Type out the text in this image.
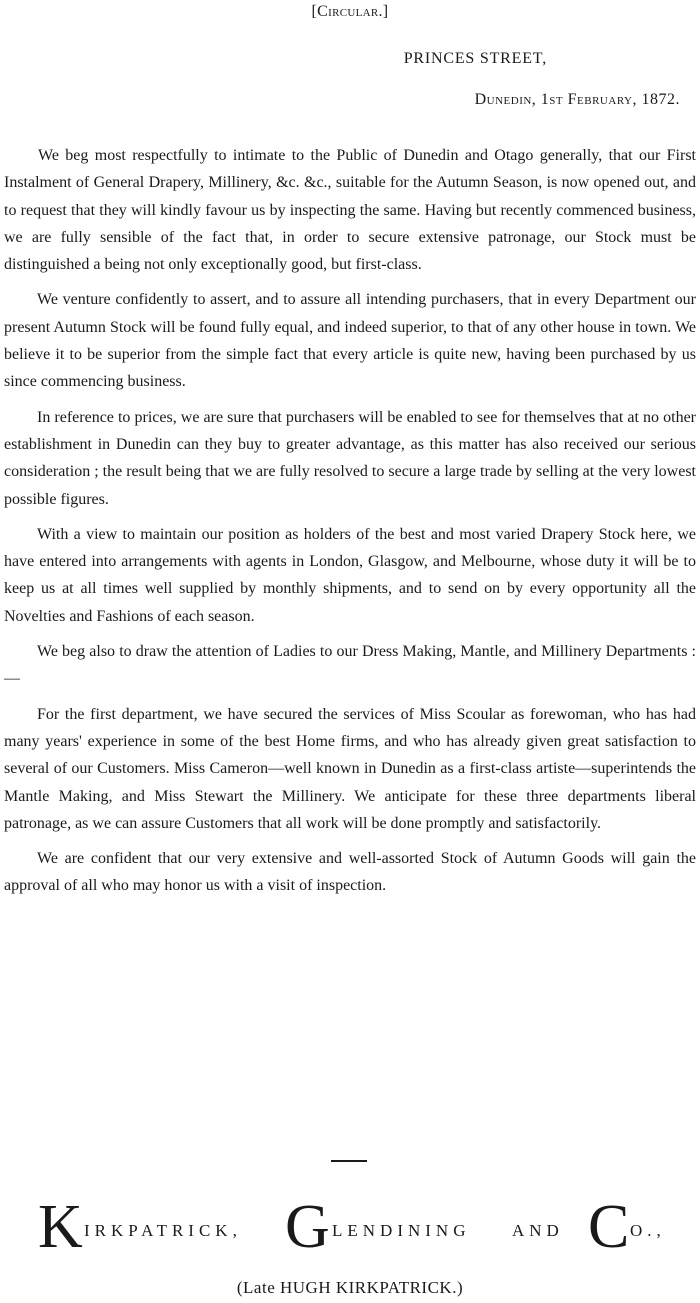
[Circular.]
PRINCES STREET,
Dunedin, 1st February, 1872.

We beg most respectfully to intimate to the Public of Dunedin and Otago generally, that our First Instalment of General Drapery, Millinery, &c. &c., suitable for the Autumn Season, is now opened out, and to request that they will kindly favour us by inspecting the same. Having but recently commenced business, we are fully sensible of the fact that, in order to secure extensive patronage, our Stock must be distinguished a being not only exceptionally good, but first-class.

We venture confidently to assert, and to assure all intending purchasers, that in every Department our present Autumn Stock will be found fully equal, and indeed superior, to that of any other house in town. We believe it to be superior from the simple fact that every article is quite new, having been purchased by us since commencing business.

In reference to prices, we are sure that purchasers will be enabled to see for themselves that at no other establishment in Dunedin can they buy to greater advantage, as this matter has also received our serious consideration ; the result being that we are fully resolved to secure a large trade by selling at the very lowest possible figures.

With a view to maintain our position as holders of the best and most varied Drapery Stock here, we have entered into arrangements with agents in London, Glasgow, and Melbourne, whose duty it will be to keep us at all times well supplied by monthly shipments, and to send on by every opportunity all the Novelties and Fashions of each season.

We beg also to draw the attention of Ladies to our Dress Making, Mantle, and Millinery Departments :—

For the first department, we have secured the services of Miss Scoular as forewoman, who has had many years' experience in some of the best Home firms, and who has already given great satisfaction to several of our Customers. Miss Cameron—well known in Dunedin as a first-class artiste—superintends the Mantle Making, and Miss Stewart the Millinery. We anticipate for these three departments liberal patronage, as we can assure Customers that all work will be done promptly and satisfactorily.

We are confident that our very extensive and well-assorted Stock of Autumn Goods will gain the approval of all who may honor us with a visit of inspection.

K IRKPATRICK, G LENDINING AND C O.,
(Late HUGH KIRKPATRICK.)
